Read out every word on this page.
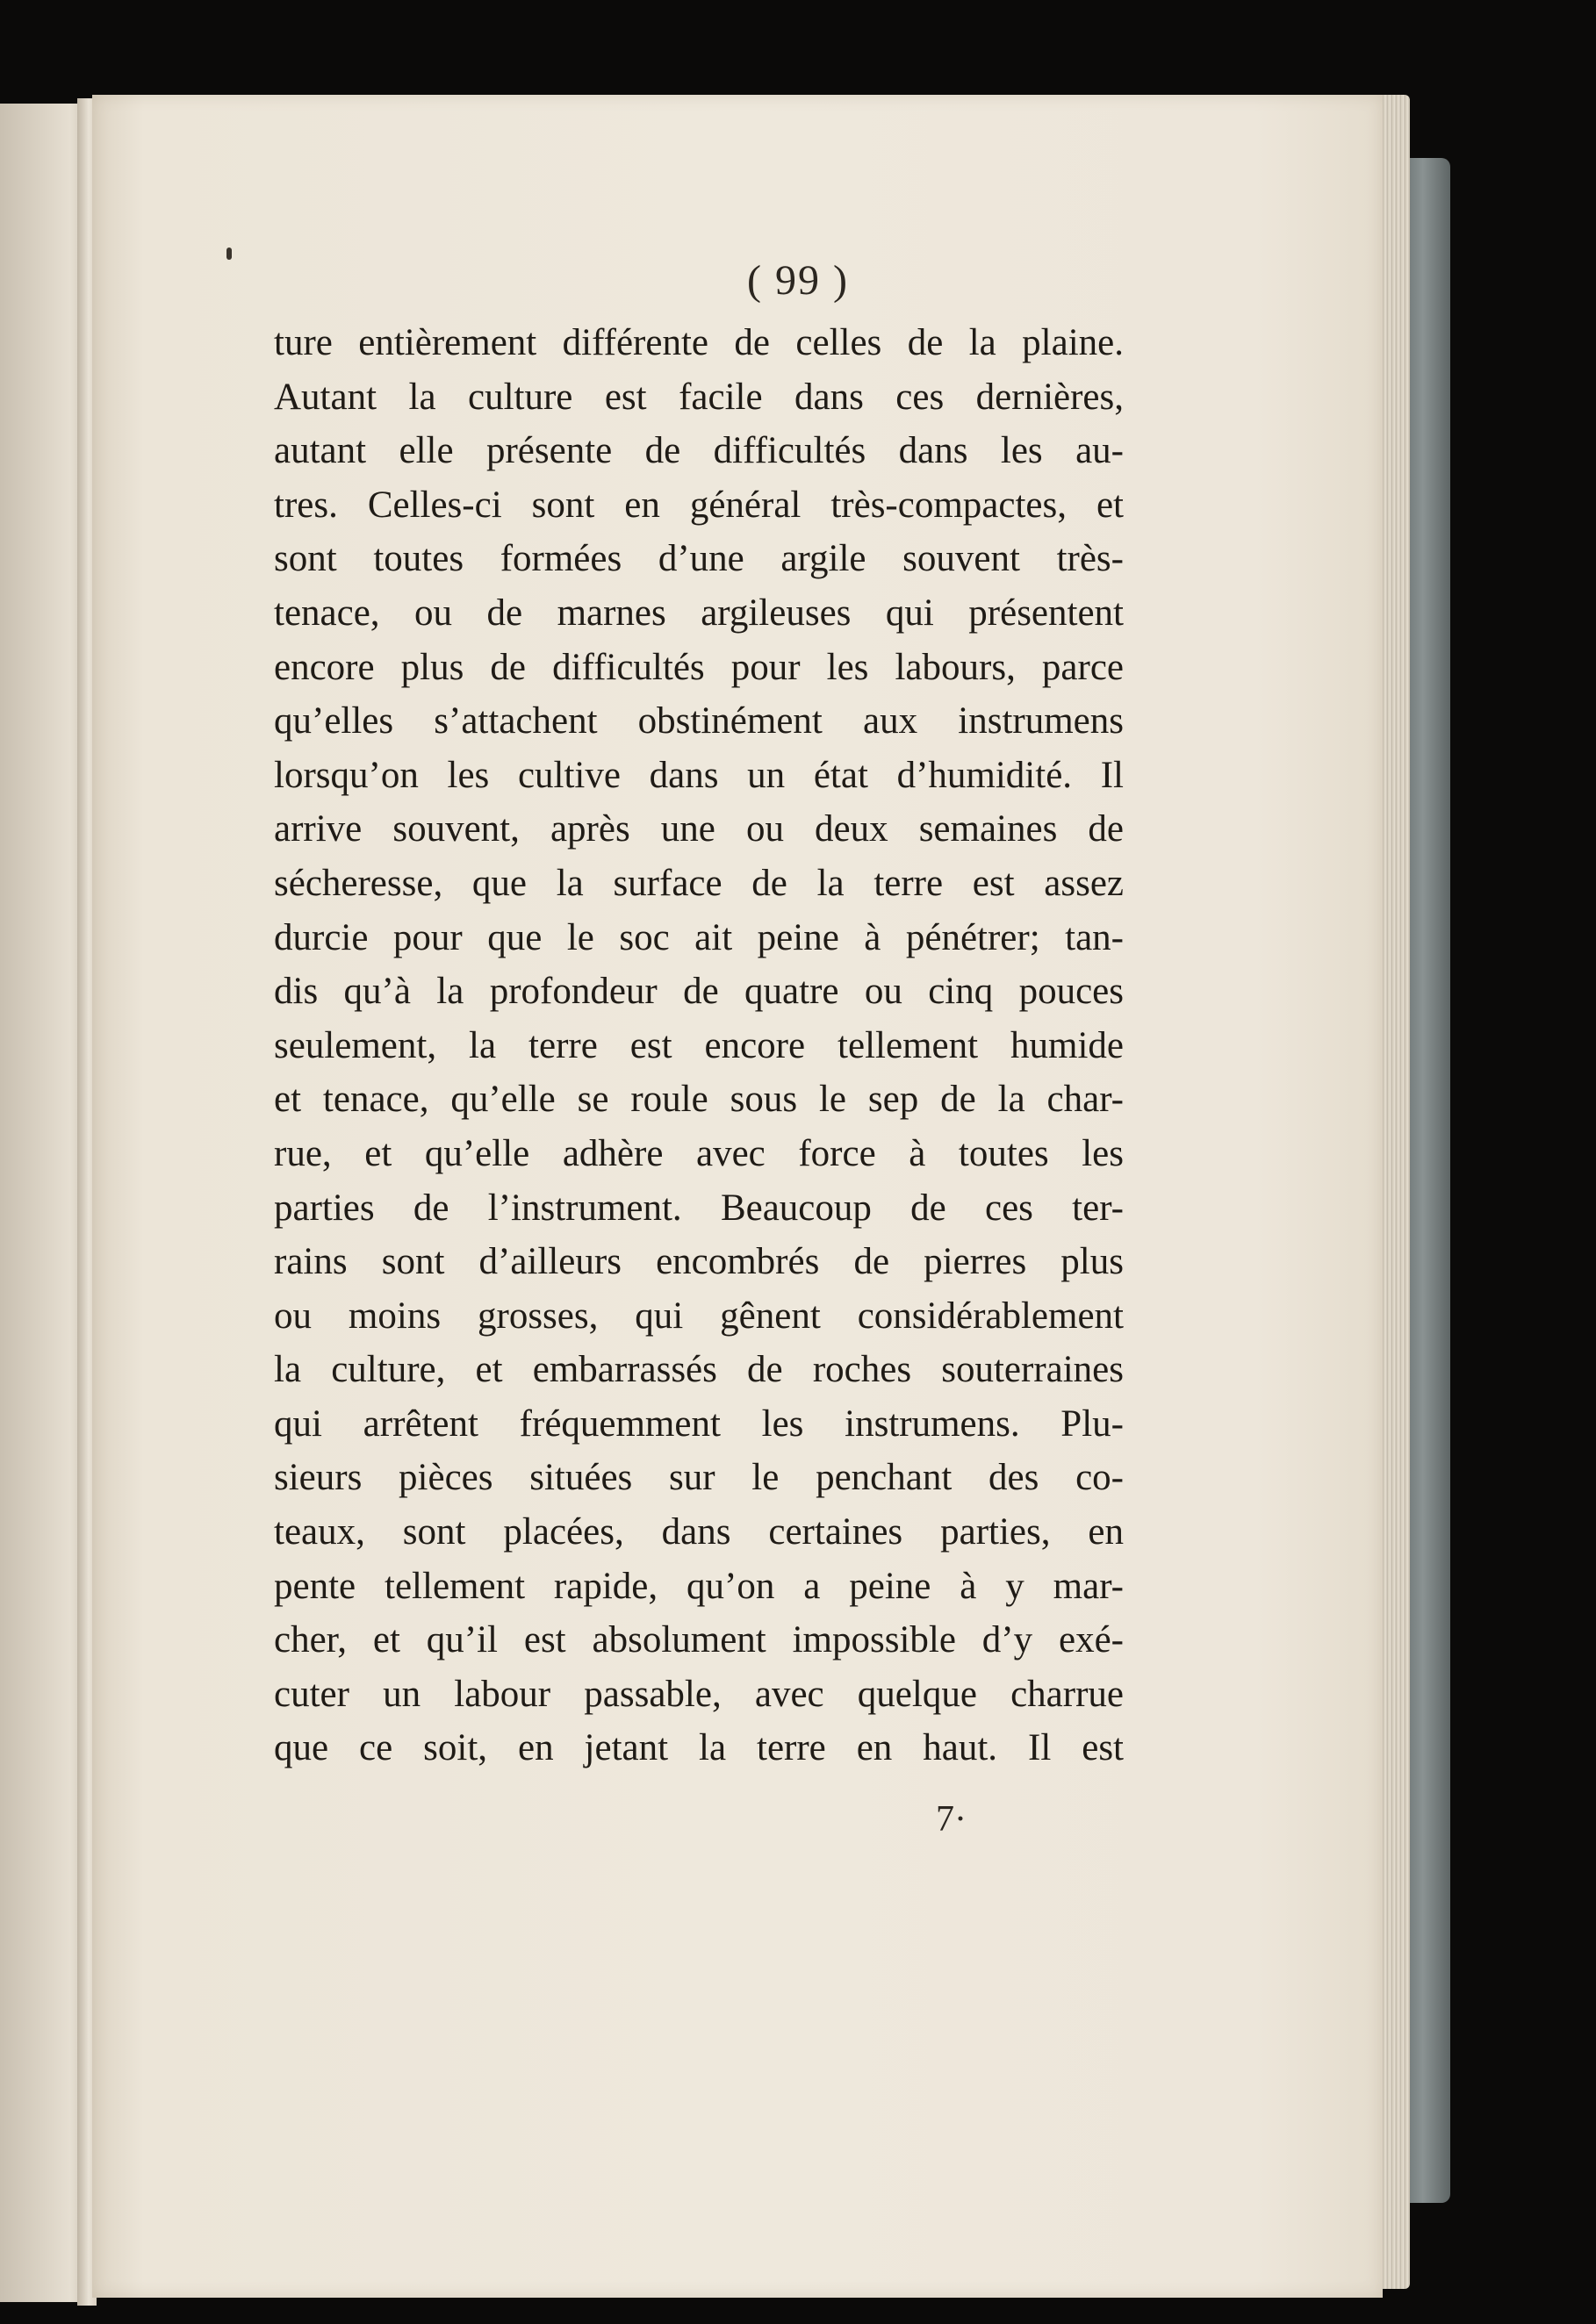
( 99 )
ture entièrement différente de celles de la plaine.
Autant la culture est facile dans ces dernières,
autant elle présente de difficultés dans les au-
tres. Celles-ci sont en général très-compactes, et
sont toutes formées d’une argile souvent très-
tenace, ou de marnes argileuses qui présentent
encore plus de difficultés pour les labours, parce
qu’elles s’attachent obstinément aux instrumens
lorsqu’on les cultive dans un état d’humidité. Il
arrive souvent, après une ou deux semaines de
sécheresse, que la surface de la terre est assez
durcie pour que le soc ait peine à pénétrer; tan-
dis qu’à la profondeur de quatre ou cinq pouces
seulement, la terre est encore tellement humide
et tenace, qu’elle se roule sous le sep de la char-
rue, et qu’elle adhère avec force à toutes les
parties de l’instrument. Beaucoup de ces ter-
rains sont d’ailleurs encombrés de pierres plus
ou moins grosses, qui gênent considérablement
la culture, et embarrassés de roches souterraines
qui arrêtent fréquemment les instrumens. Plu-
sieurs pièces situées sur le penchant des co-
teaux, sont placées, dans certaines parties, en
pente tellement rapide, qu’on a peine à y mar-
cher, et qu’il est absolument impossible d’y exé-
cuter un labour passable, avec quelque charrue
que ce soit, en jetant la terre en haut. Il est
7·
